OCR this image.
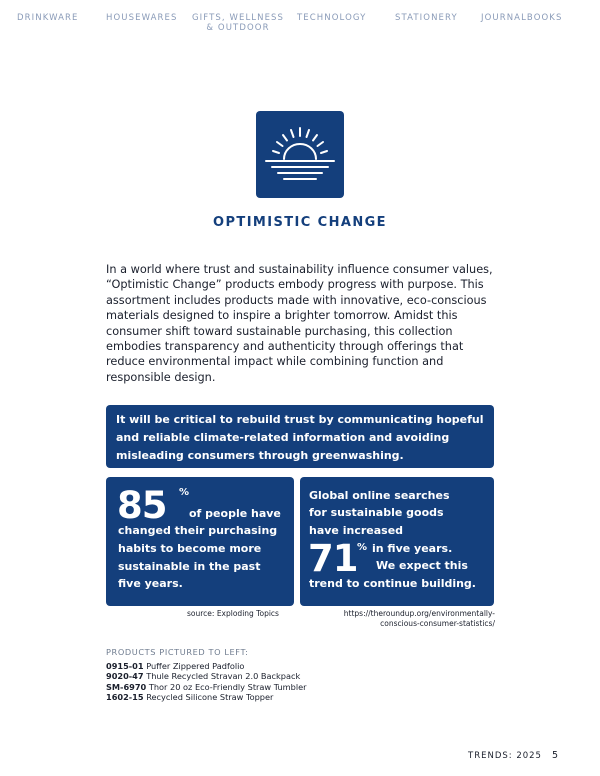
DRINKWARE	HOUSEWARES GIFTS, WELLNESS & OUTDOOR
TECHNOLOGY	STATIONERY	JOURNALBOOKS
OPTIMISTIC CHANGE
In a world where trust and sustainability influence consumer values, “Optimistic Change” products embody progress with purpose. This assortment includes products made with innovative, eco-conscious materials designed to inspire a brighter tomorrow. Amidst this consumer shift toward sustainable purchasing, this collection embodies transparency and authenticity through offerings that reduce environmental impact while combining function and responsible design.
It will be critical to rebuild trust by communicating hopeful and reliable climate-related information and avoiding misleading consumers through greenwashing.
85 %
of people have
changed their purchasing
habits to become more
sustainable in the past
five years.
Global online searches
for sustainable goods
have increased
71 % in five years.
We expect this
trend to continue building.
source: Exploding Topics	https://theroundup.org/environmentally-conscious-consumer-statistics/
PRODUCTS PICTURED TO LEFT:
0915-01 Puffer Zippered Padfolio
9020-47 Thule Recycled Stravan 2.0 Backpack
SM-6970 Thor 20 oz Eco-Friendly Straw Tumbler
1602-15 Recycled Silicone Straw Topper
TRENDS: 2025 5
